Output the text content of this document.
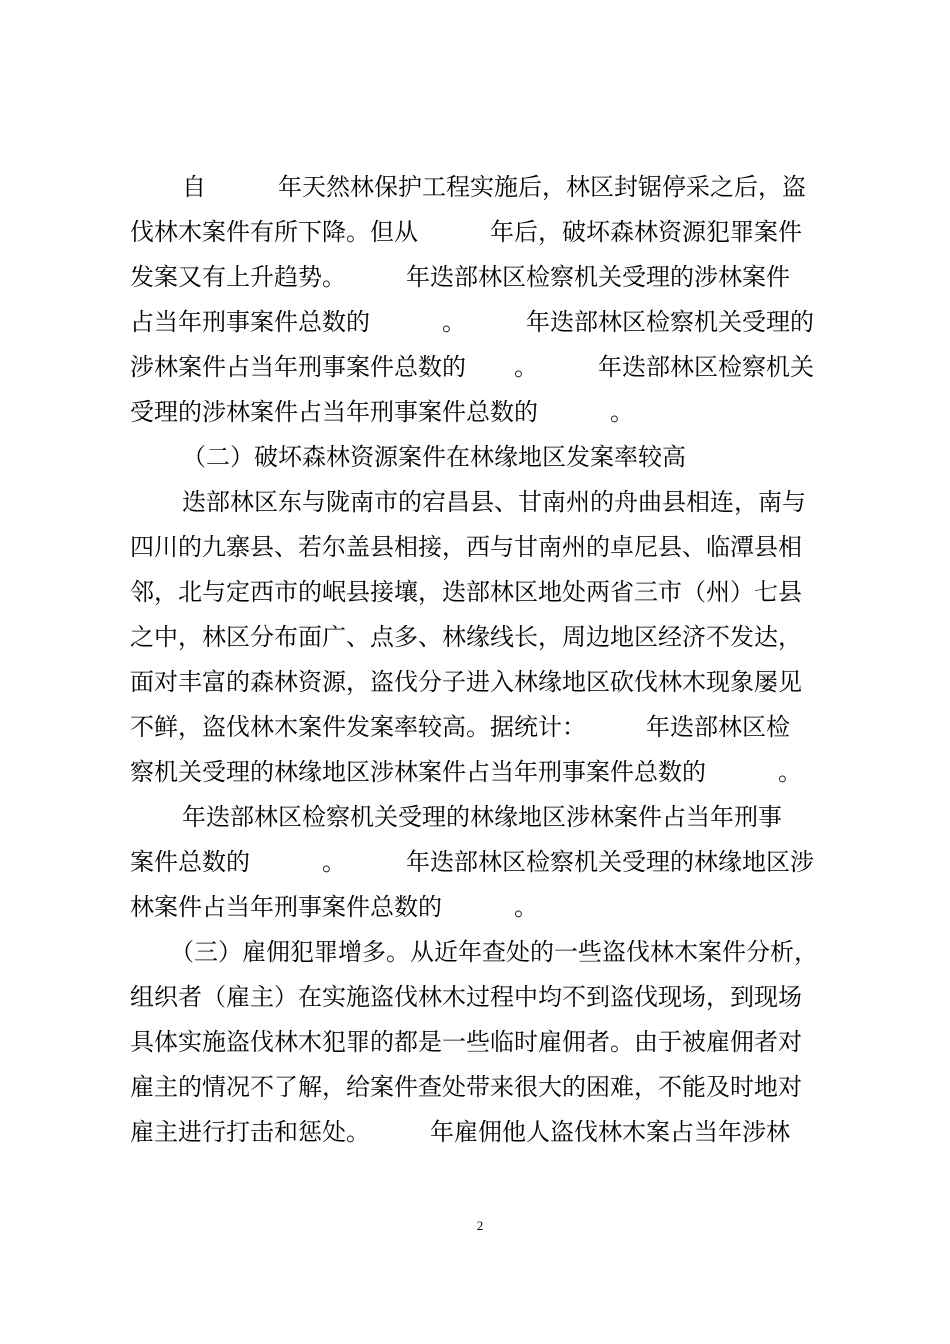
自　　　年天然林保护工程实施后，林区封锯停采之后，盗
伐林木案件有所下降。但从　　　年后，破坏森林资源犯罪案件
发案又有上升趋势。　　　年迭部林区检察机关受理的涉林案件
占当年刑事案件总数的　　　。　　　年迭部林区检察机关受理的
涉林案件占当年刑事案件总数的　　。　　　年迭部林区检察机关
受理的涉林案件占当年刑事案件总数的　　　。
（二）破坏森林资源案件在林缘地区发案率较高
迭部林区东与陇南市的宕昌县、甘南州的舟曲县相连，南与
四川的九寨县、若尔盖县相接，西与甘南州的卓尼县、临潭县相
邻，北与定西市的岷县接壤，迭部林区地处两省三市（州）七县
之中，林区分布面广、点多、林缘线长，周边地区经济不发达，
面对丰富的森林资源，盗伐分子进入林缘地区砍伐林木现象屡见
不鲜，盗伐林木案件发案率较高。据统计：　　　年迭部林区检
察机关受理的林缘地区涉林案件占当年刑事案件总数的　　　。
年迭部林区检察机关受理的林缘地区涉林案件占当年刑事
案件总数的　　　。　　　年迭部林区检察机关受理的林缘地区涉
林案件占当年刑事案件总数的　　　。
（三）雇佣犯罪增多。从近年查处的一些盗伐林木案件分析，
组织者（雇主）在实施盗伐林木过程中均不到盗伐现场，到现场
具体实施盗伐林木犯罪的都是一些临时雇佣者。由于被雇佣者对
雇主的情况不了解，给案件查处带来很大的困难，不能及时地对
雇主进行打击和惩处。　　　年雇佣他人盗伐林木案占当年涉林
2
